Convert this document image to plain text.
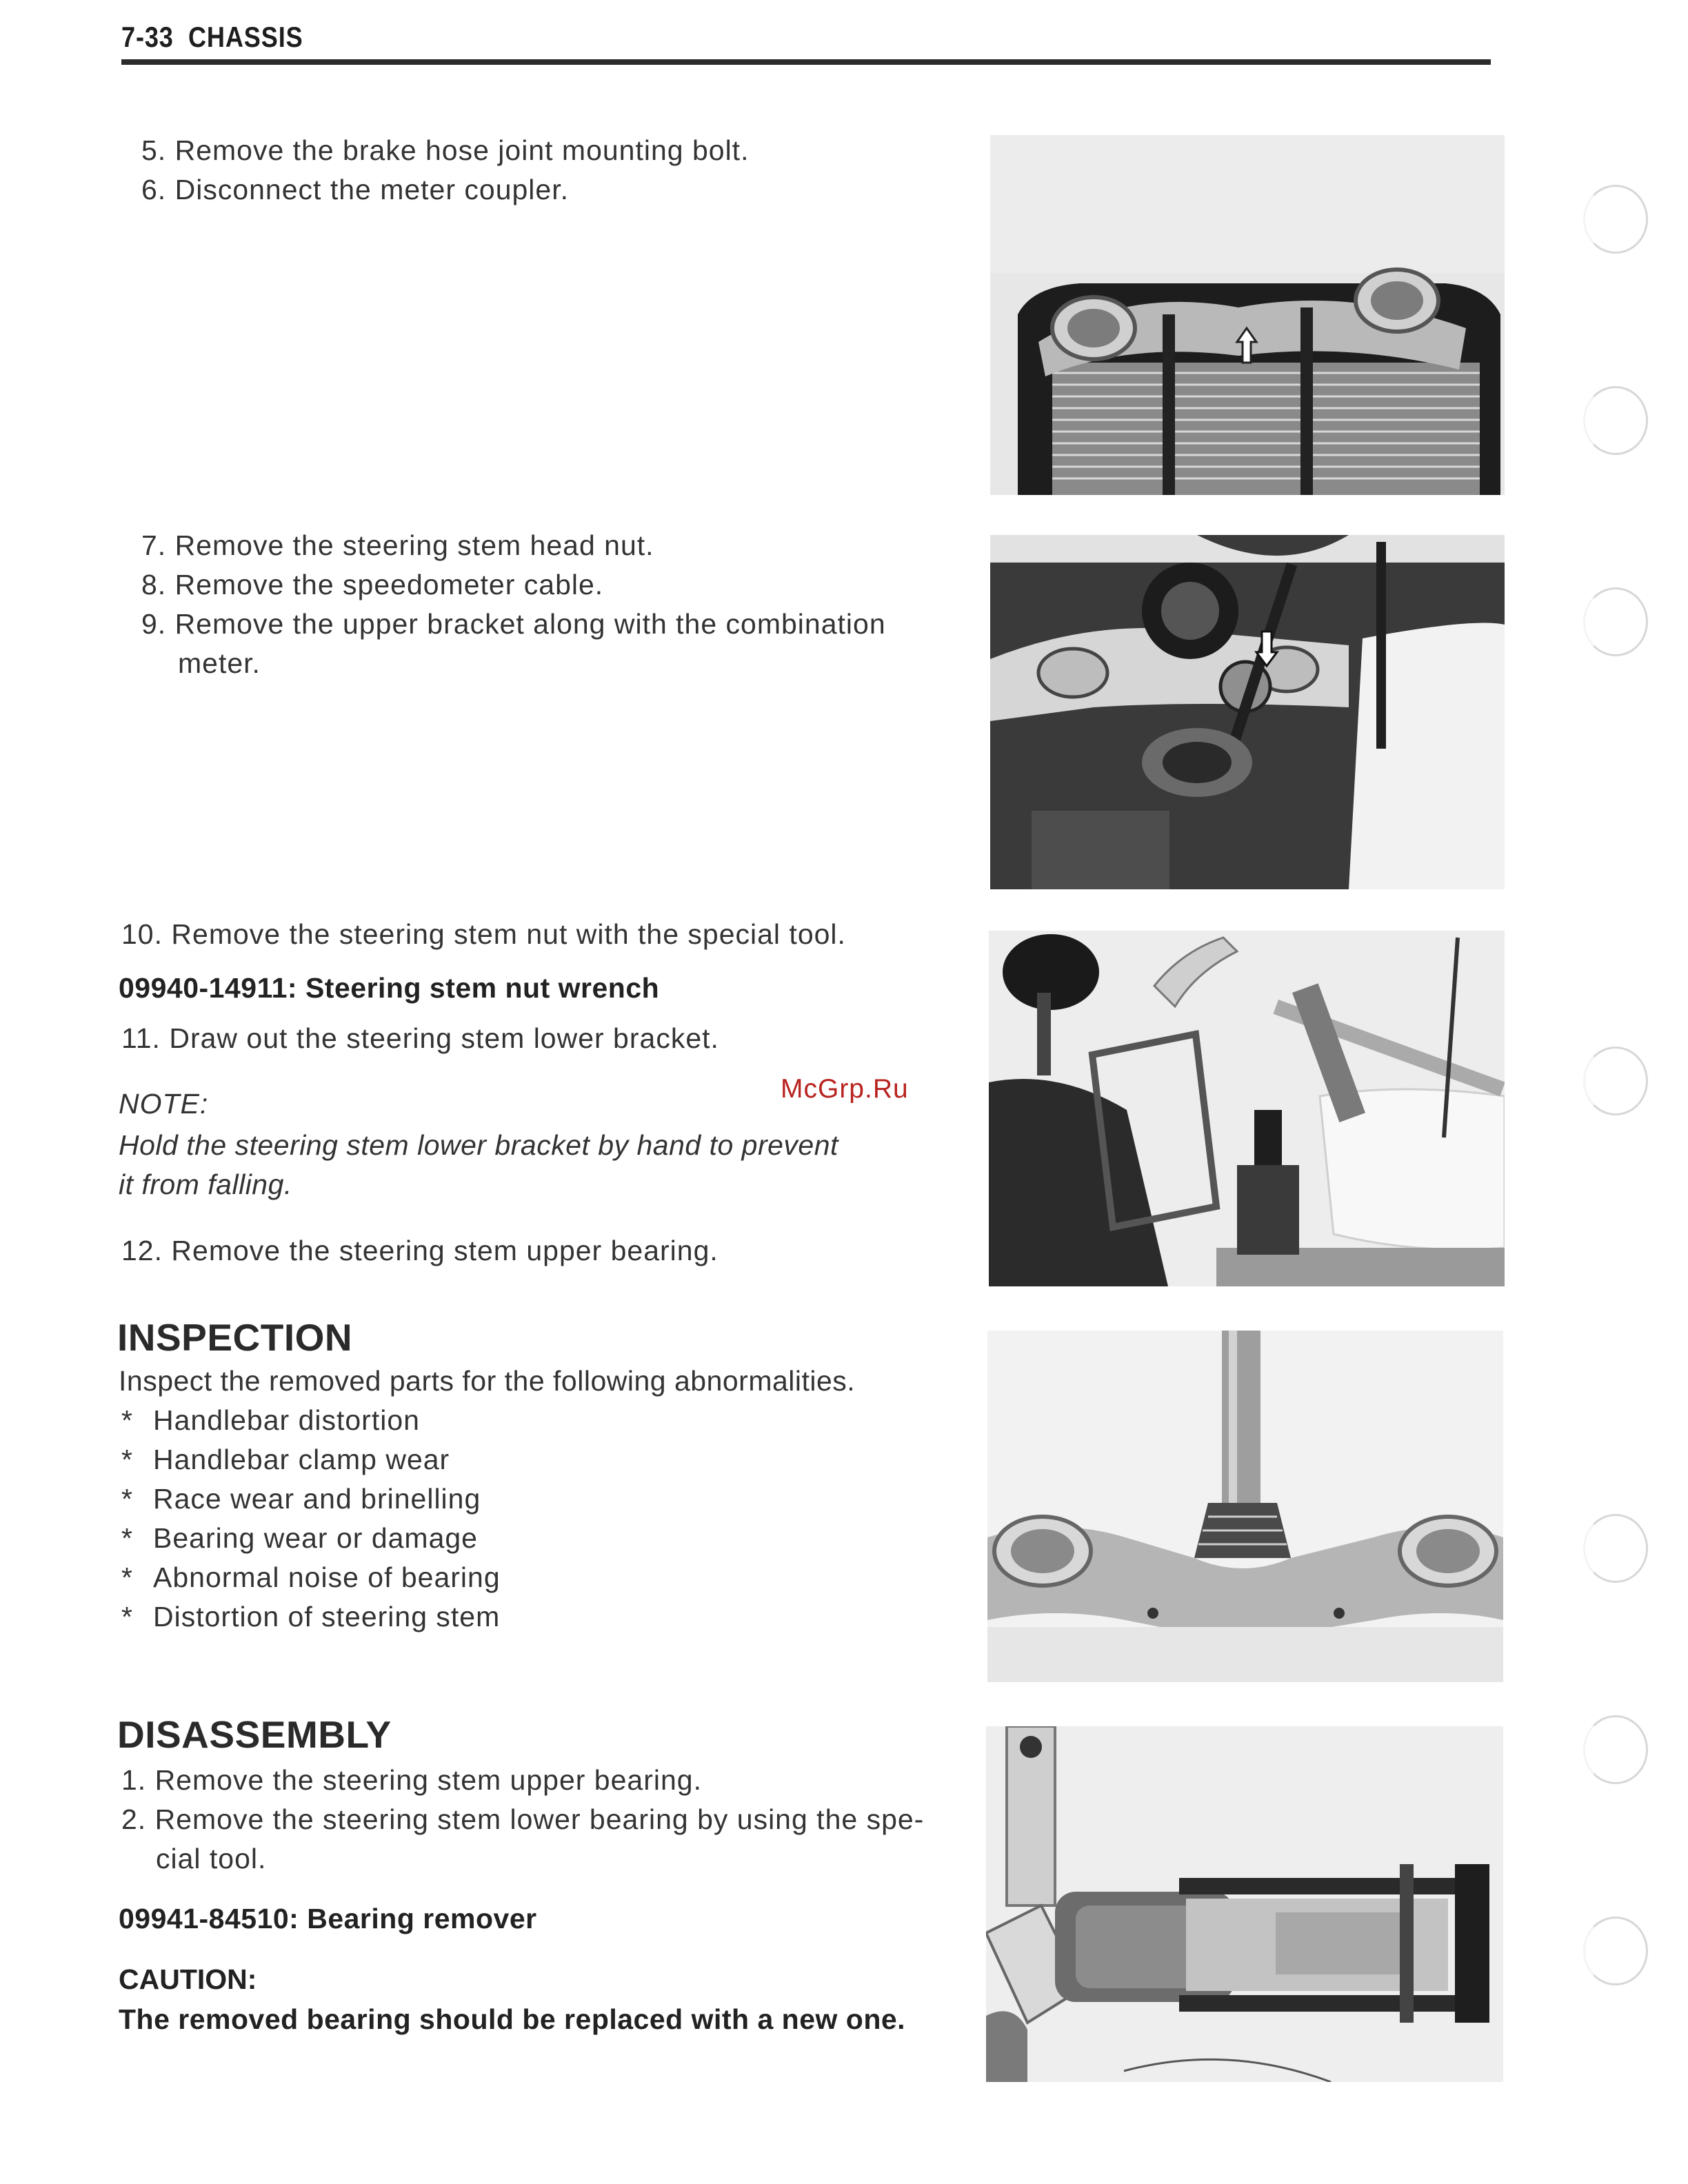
7-33 CHASSIS
5. Remove the brake hose joint mounting bolt.
6. Disconnect the meter coupler.
7. Remove the steering stem head nut.
8. Remove the speedometer cable.
9. Remove the upper bracket along with the combination
meter.
10. Remove the steering stem nut with the special tool.
09940-14911: Steering stem nut wrench
11. Draw out the steering stem lower bracket.
McGrp.Ru
NOTE:
Hold the steering stem lower bracket by hand to prevent
it from falling.
12. Remove the steering stem upper bearing.
INSPECTION
Inspect the removed parts for the following abnormalities.
* Handlebar distortion
* Handlebar clamp wear
* Race wear and brinelling
* Bearing wear or damage
* Abnormal noise of bearing
* Distortion of steering stem
DISASSEMBLY
1. Remove the steering stem upper bearing.
2. Remove the steering stem lower bearing by using the spe-
cial tool.
09941-84510: Bearing remover
CAUTION:
The removed bearing should be replaced with a new one.
